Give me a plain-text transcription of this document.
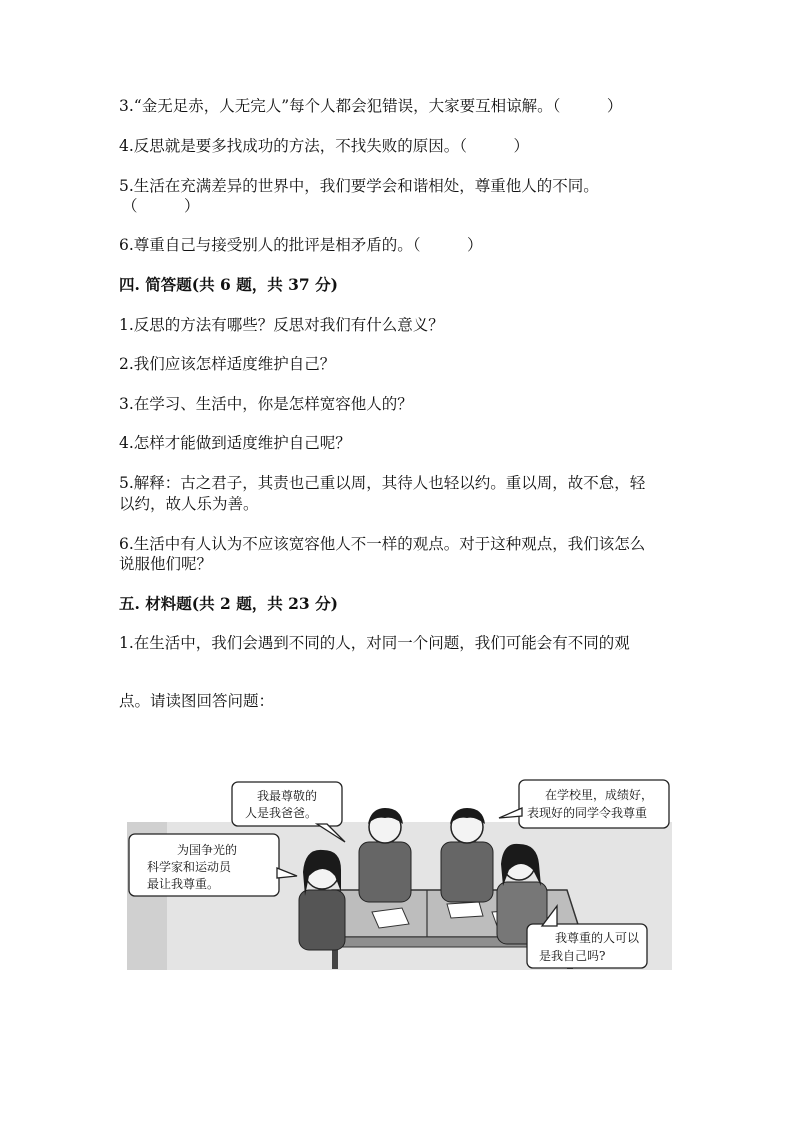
3.“金无足赤，人无完人”每个人都会犯错误，大家要互相谅解。（　　　）
4.反思就是要多找成功的方法，不找失败的原因。（　　　）
5.生活在充满差异的世界中，我们要学会和谐相处，尊重他人的不同。
（　　　）
6.尊重自己与接受别人的批评是相矛盾的。（　　　）
四. 简答题(共 6 题，共 37 分)
1.反思的方法有哪些？反思对我们有什么意义？
2.我们应该怎样适度维护自己？
3.在学习、生活中，你是怎样宽容他人的？
4.怎样才能做到适度维护自己呢？
5.解释：古之君子，其责也己重以周，其待人也轻以约。重以周，故不怠，轻
以约，故人乐为善。
6.生活中有人认为不应该宽容他人不一样的观点。对于这种观点，我们该怎么
说服他们呢？
五. 材料题(共 2 题，共 23 分)
1.在生活中，我们会遇到不同的人，对同一个问题，我们可能会有不同的观
点。请读图回答问题：
我最尊敬的
人是我爸爸。
为国争光的
科学家和运动员
最让我尊重。
在学校里，成绩好，
表现好的同学令我尊重
我尊重的人可以
是我自己吗?
